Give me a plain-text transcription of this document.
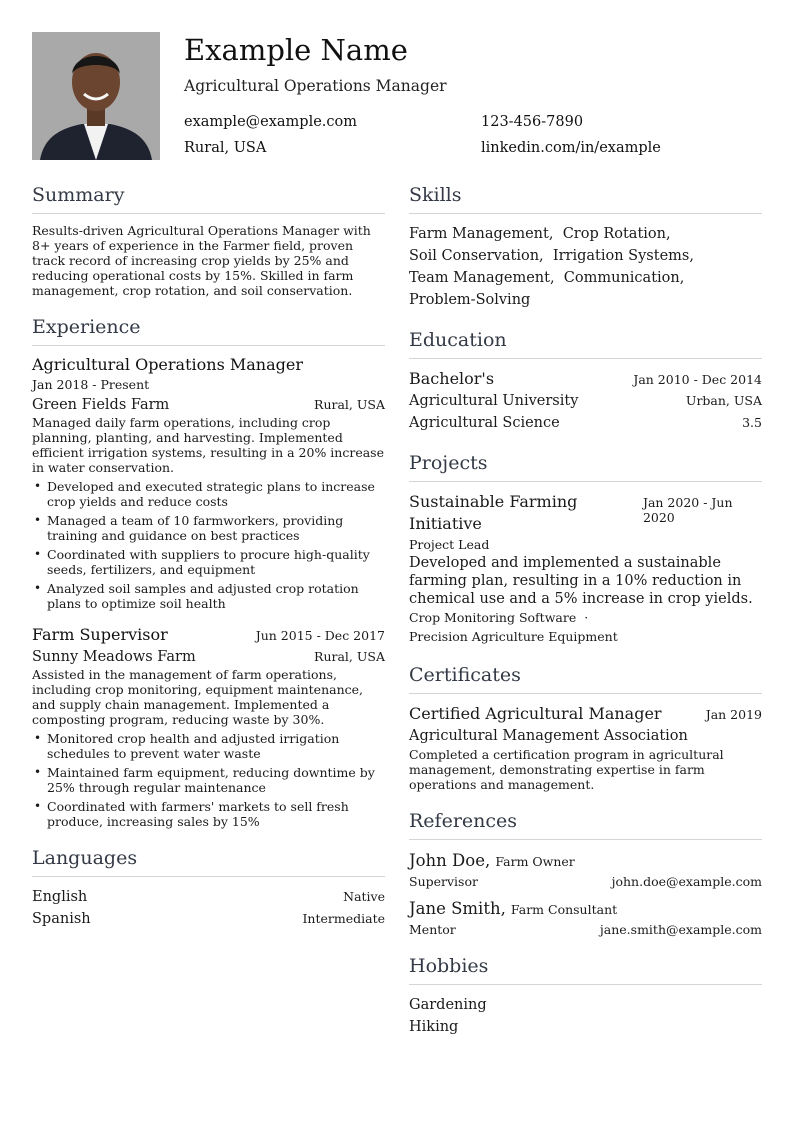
Example Name
Agricultural Operations Manager
example@example.com	123-456-7890
Rural, USA	linkedin.com/in/example
Summary
Results-driven Agricultural Operations Manager with 8+ years of experience in the Farmer field, proven track record of increasing crop yields by 25% and reducing operational costs by 15%. Skilled in farm management, crop rotation, and soil conservation.
Experience
Agricultural Operations Manager
Jan 2018 - Present
Green Fields Farm	Rural, USA
Managed daily farm operations, including crop planning, planting, and harvesting. Implemented efficient irrigation systems, resulting in a 20% increase in water conservation.
• Developed and executed strategic plans to increase crop yields and reduce costs
• Managed a team of 10 farmworkers, providing training and guidance on best practices
• Coordinated with suppliers to procure high-quality seeds, fertilizers, and equipment
• Analyzed soil samples and adjusted crop rotation plans to optimize soil health
Farm Supervisor	Jun 2015 - Dec 2017
Sunny Meadows Farm	Rural, USA
Assisted in the management of farm operations, including crop monitoring, equipment maintenance, and supply chain management. Implemented a composting program, reducing waste by 30%.
• Monitored crop health and adjusted irrigation schedules to prevent water waste
• Maintained farm equipment, reducing downtime by 25% through regular maintenance
• Coordinated with farmers' markets to sell fresh produce, increasing sales by 15%
Languages
English	Native
Spanish	Intermediate
Skills
Farm Management, Crop Rotation,
Soil Conservation, Irrigation Systems,
Team Management, Communication,
Problem-Solving
Education
Bachelor's	Jan 2010 - Dec 2014
Agricultural University	Urban, USA
Agricultural Science	3.5
Projects
Sustainable Farming Initiative
Jan 2020 - Jun 2020
Project Lead
Developed and implemented a sustainable farming plan, resulting in a 10% reduction in chemical use and a 5% increase in crop yields.
Crop Monitoring Software ·
Precision Agriculture Equipment
Certificates
Certified Agricultural Manager	Jan 2019
Agricultural Management Association
Completed a certification program in agricultural management, demonstrating expertise in farm operations and management.
References
John Doe, Farm Owner
Supervisor	john.doe@example.com
Jane Smith, Farm Consultant
Mentor	jane.smith@example.com
Hobbies
Gardening
Hiking
